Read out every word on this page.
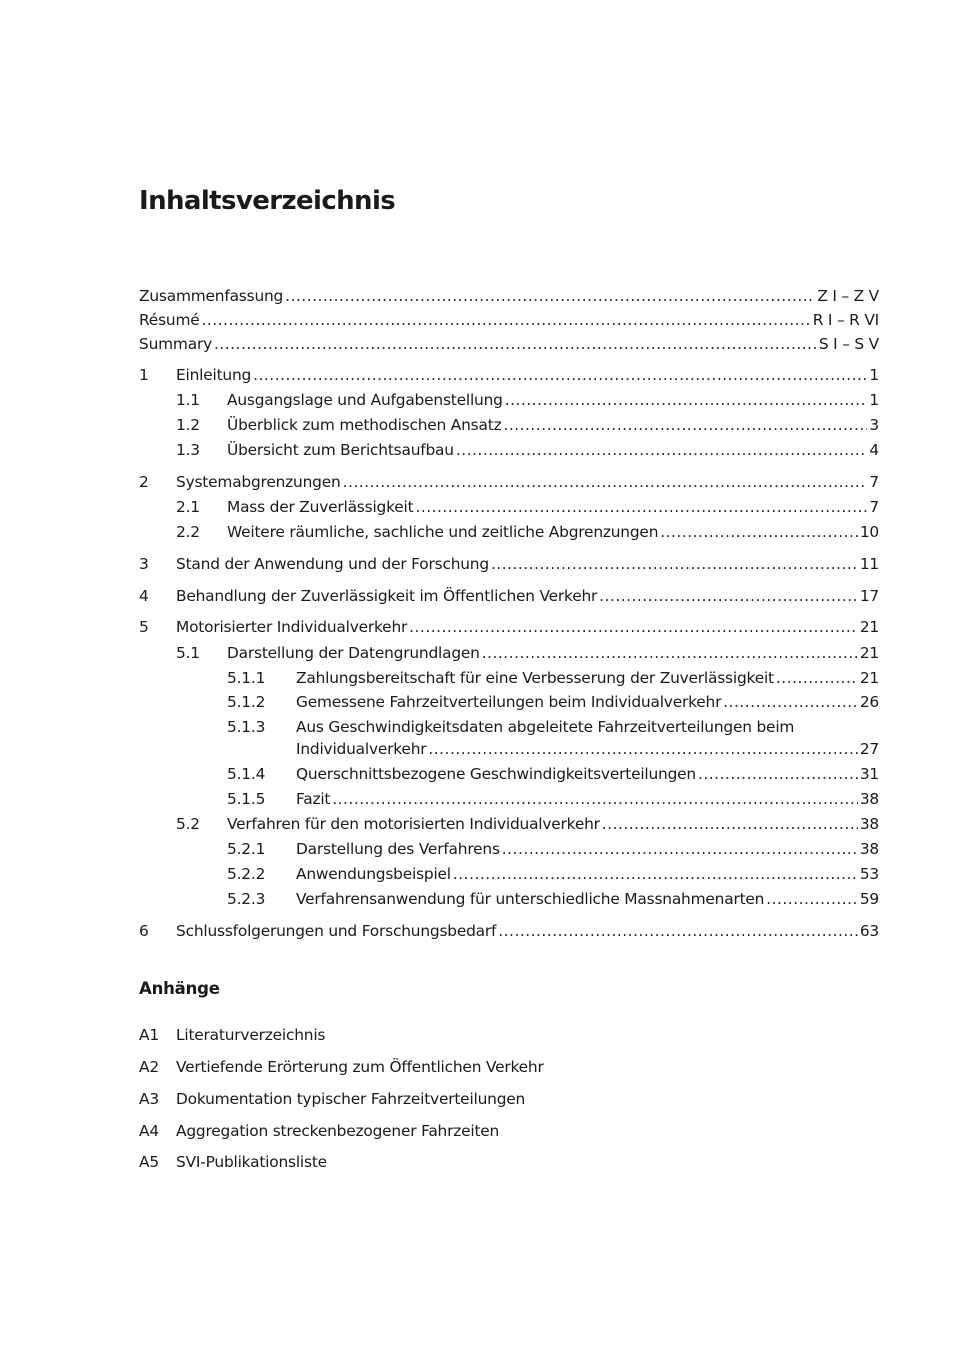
Inhaltsverzeichnis
Zusammenfassung .....	Z I – Z V
Résumé .....	R I – R VI
Summary .....	S I – S V
1	Einleitung .....	1
1.1	Ausgangslage und Aufgabenstellung .....	1
1.2	Überblick zum methodischen Ansatz .....	3
1.3	Übersicht zum Berichtsaufbau .....	4
2	Systemabgrenzungen .....	7
2.1	Mass der Zuverlässigkeit .....	7
2.2	Weitere räumliche, sachliche und zeitliche Abgrenzungen .....	10
3	Stand der Anwendung und der Forschung .....	11
4	Behandlung der Zuverlässigkeit im Öffentlichen Verkehr .....	17
5	Motorisierter Individualverkehr .....	21
5.1	Darstellung der Datengrundlagen .....	21
5.1.1	Zahlungsbereitschaft für eine Verbesserung der Zuverlässigkeit .....	21
5.1.2	Gemessene Fahrzeitverteilungen beim Individualverkehr .....	26
5.1.3 Aus Geschwindigkeitsdaten abgeleitete Fahrzeitverteilungen beim
Individualverkehr .....	27
5.1.4	Querschnittsbezogene Geschwindigkeitsverteilungen .....	31
5.1.5	Fazit .....	38
5.2	Verfahren für den motorisierten Individualverkehr .....	38
5.2.1	Darstellung des Verfahrens .....	38
5.2.2	Anwendungsbeispiel .....	53
5.2.3	Verfahrensanwendung für unterschiedliche Massnahmenarten .....	59
6	Schlussfolgerungen und Forschungsbedarf .....	63
Anhänge
A1	Literaturverzeichnis
A2	Vertiefende Erörterung zum Öffentlichen Verkehr
A3	Dokumentation typischer Fahrzeitverteilungen
A4	Aggregation streckenbezogener Fahrzeiten
A5	SVI-Publikationsliste
